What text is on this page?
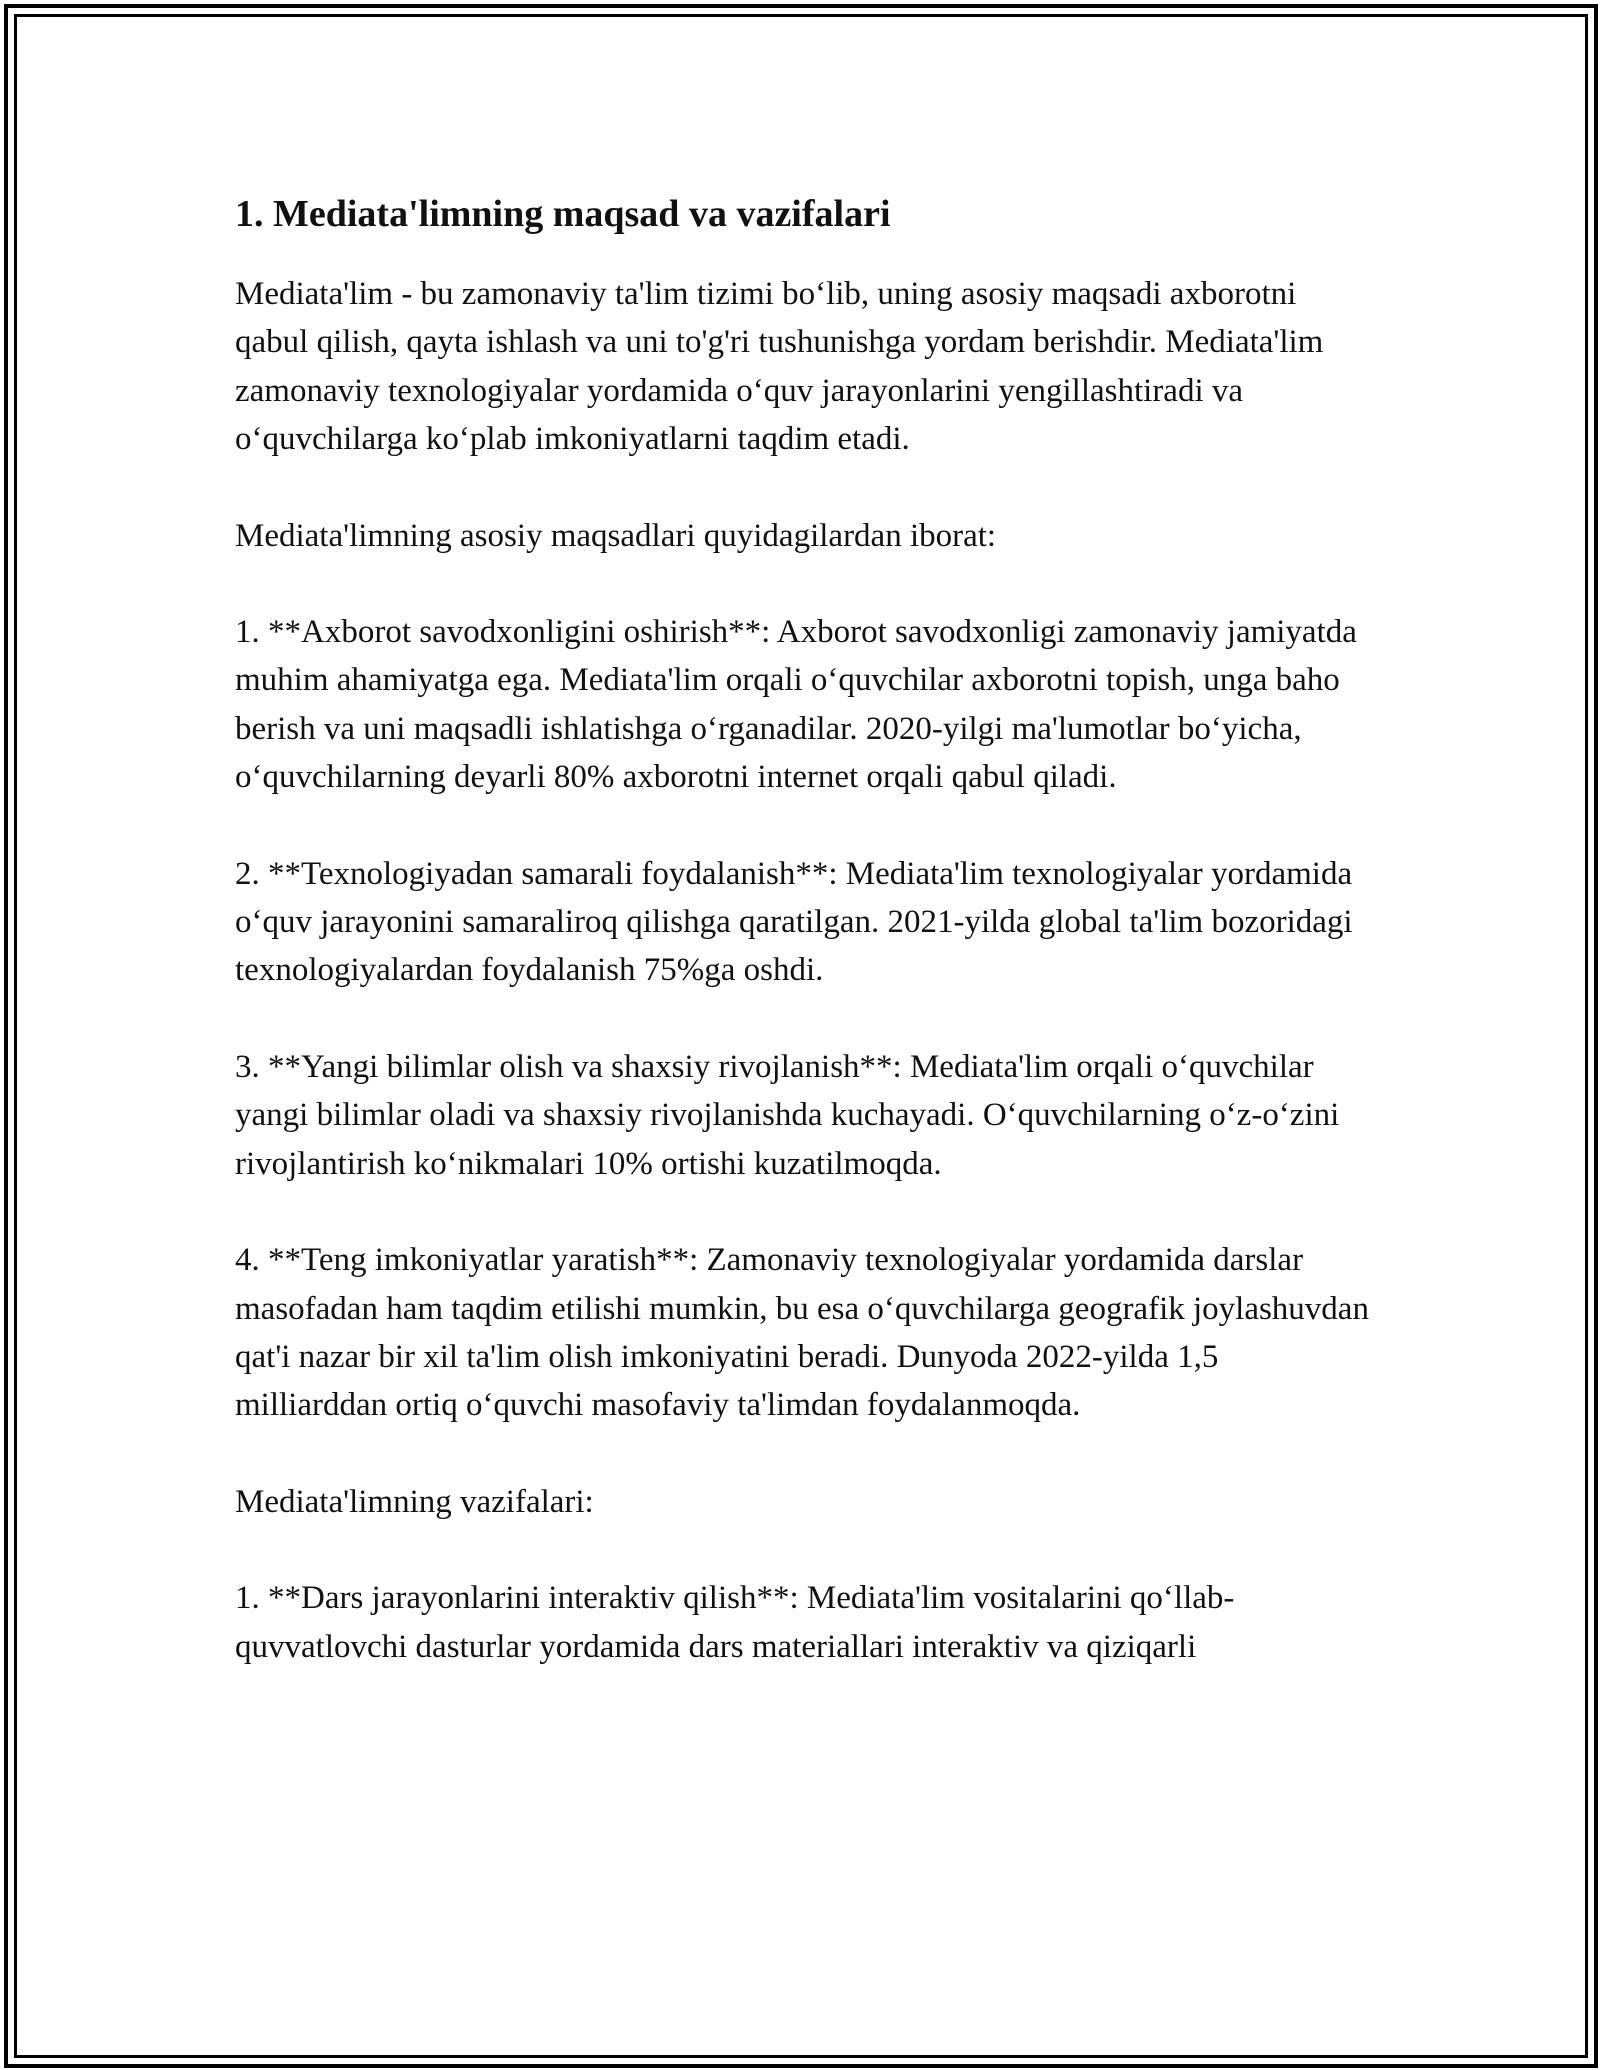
1. Mediata'limning maqsad va vazifalari

Mediata'lim - bu zamonaviy ta'lim tizimi bo‘lib, uning asosiy maqsadi axborotni qabul qilish, qayta ishlash va uni to'g'ri tushunishga yordam berishdir. Mediata'lim zamonaviy texnologiyalar yordamida o‘quv jarayonlarini yengillashtiradi va o‘quvchilarga ko‘plab imkoniyatlarni taqdim etadi.

Mediata'limning asosiy maqsadlari quyidagilardan iborat:

1. **Axborot savodxonligini oshirish**: Axborot savodxonligi zamonaviy jamiyatda muhim ahamiyatga ega. Mediata'lim orqali o‘quvchilar axborotni topish, unga baho berish va uni maqsadli ishlatishga o‘rganadilar. 2020-yilgi ma'lumotlar bo‘yicha, o‘quvchilarning deyarli 80% axborotni internet orqali qabul qiladi.

2. **Texnologiyadan samarali foydalanish**: Mediata'lim texnologiyalar yordamida o‘quv jarayonini samaraliroq qilishga qaratilgan. 2021-yilda global ta'lim bozoridagi texnologiyalardan foydalanish 75%ga oshdi.

3. **Yangi bilimlar olish va shaxsiy rivojlanish**: Mediata'lim orqali o‘quvchilar yangi bilimlar oladi va shaxsiy rivojlanishda kuchayadi. O‘quvchilarning o‘z-o‘zini rivojlantirish ko‘nikmalari 10% ortishi kuzatilmoqda.

4. **Teng imkoniyatlar yaratish**: Zamonaviy texnologiyalar yordamida darslar masofadan ham taqdim etilishi mumkin, bu esa o‘quvchilarga geografik joylashuvdan qat'i nazar bir xil ta'lim olish imkoniyatini beradi. Dunyoda 2022-yilda 1,5 milliarddan ortiq o‘quvchi masofaviy ta'limdan foydalanmoqda.

Mediata'limning vazifalari:

1. **Dars jarayonlarini interaktiv qilish**: Mediata'lim vositalarini qo‘llab-quvvatlovchi dasturlar yordamida dars materiallari interaktiv va qiziqarli
